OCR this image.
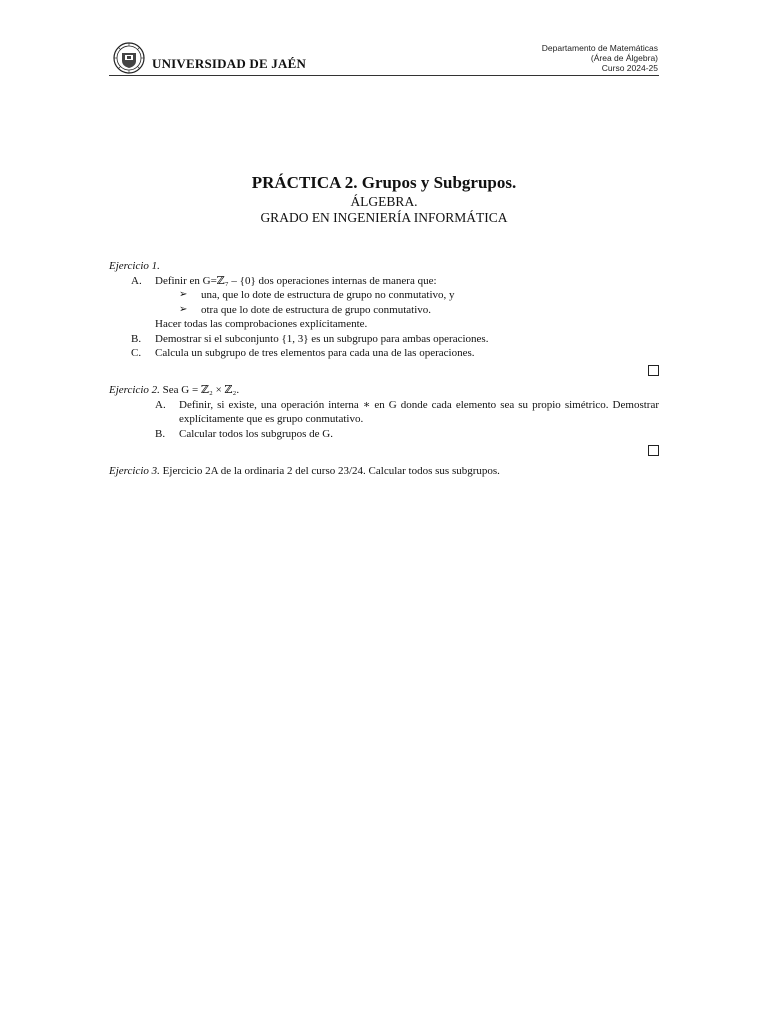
UNIVERSIDAD DE JAÉN
Departamento de Matemáticas
(Área de Álgebra)
Curso 2024-25
PRÁCTICA 2. Grupos y Subgrupos.
ÁLGEBRA.
GRADO EN INGENIERÍA INFORMÁTICA

Ejercicio 1.

A.	Definir en G=ℤ₇ – {0} dos operaciones internas de manera que:
➢ una, que lo dote de estructura de grupo no conmutativo, y
➢ otra que lo dote de estructura de grupo conmutativo.
Hacer todas las comprobaciones explícitamente.
B.	Demostrar si el subconjunto {1, 3} es un subgrupo para ambas operaciones.
C.	Calcula un subgrupo de tres elementos para cada una de las operaciones.

Ejercicio 2. Sea G = ℤ₂ × ℤ₂.

A.	Definir, si existe, una operación interna ∗ en G donde cada elemento sea su propio simétrico. Demostrar explícitamente que es grupo conmutativo.
B.	Calcular todos los subgrupos de G.

Ejercicio 3. Ejercicio 2A de la ordinaria 2 del curso 23/24. Calcular todos sus subgrupos.
